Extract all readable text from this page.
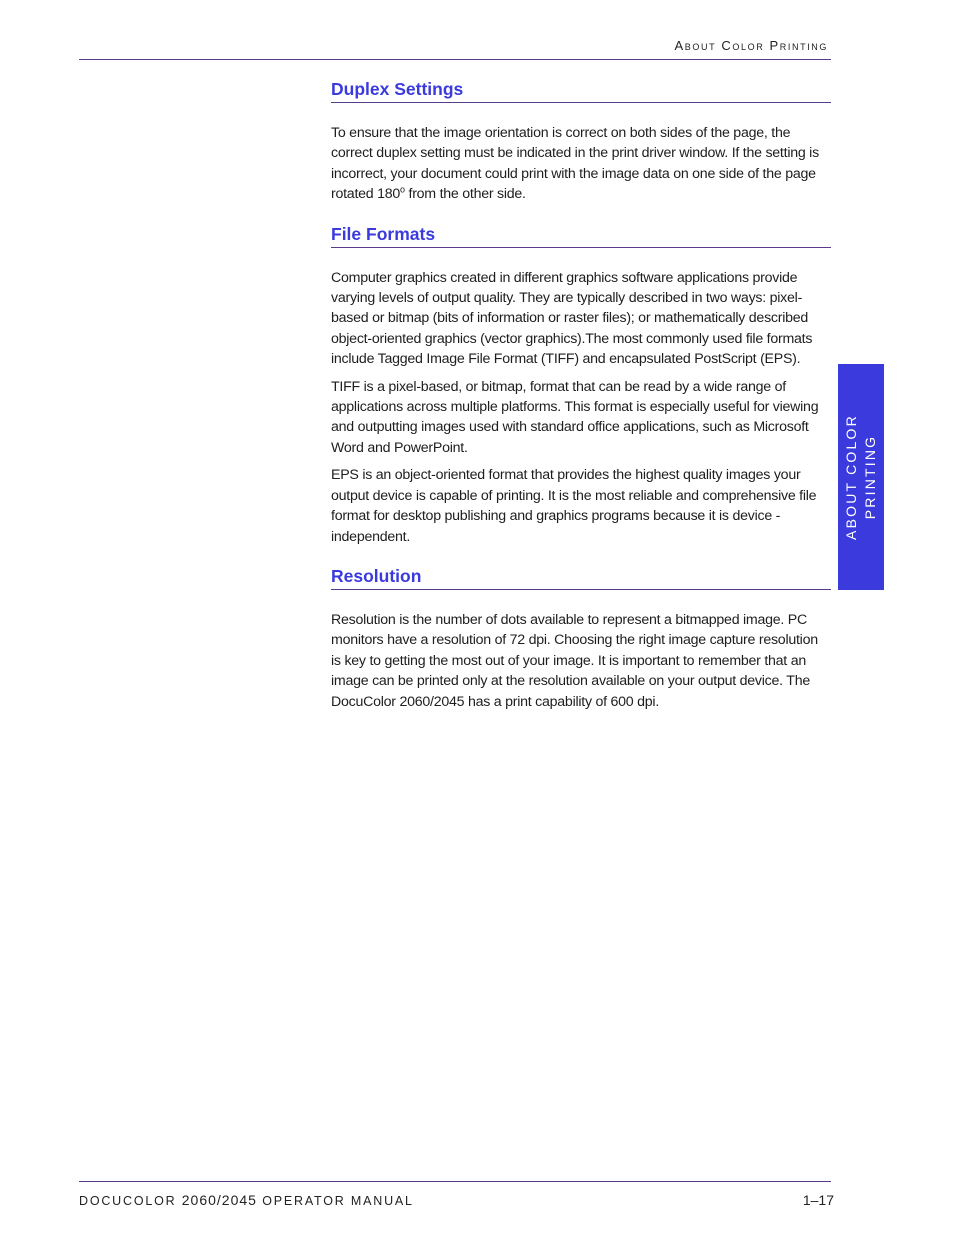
About Color Printing
Duplex Settings

To ensure that the image orientation is correct on both sides of the page, the correct duplex setting must be indicated in the print driver window. If the setting is incorrect, your document could print with the image data on one side of the page rotated 180$^o$ from the other side.

File Formats

Computer graphics created in different graphics software applications provide varying levels of output quality. They are typically described in two ways: pixel-based or bitmap (bits of information or raster files); or mathematically described object-oriented graphics (vector graphics).The most commonly used file formats include Tagged Image File Format (TIFF) and encapsulated PostScript (EPS).

TIFF is a pixel-based, or bitmap, format that can be read by a wide range of applications across multiple platforms. This format is especially useful for viewing and outputting images used with standard office applications, such as Microsoft Word and PowerPoint.

EPS is an object-oriented format that provides the highest quality images your output device is capable of printing. It is the most reliable and comprehensive file format for desktop publishing and graphics programs because it is device -independent.

Resolution

Resolution is the number of dots available to represent a bitmapped image. PC monitors have a resolution of 72 dpi. Choosing the right image capture resolution is key to getting the most out of your image. It is important to remember that an image can be printed only at the resolution available on your output device. The DocuColor 2060/2045 has a print capability of 600 dpi.

ABOUT COLOR PRINTING
DOCUCOLOR 2060/2045 OPERATOR MANUAL	1–17
